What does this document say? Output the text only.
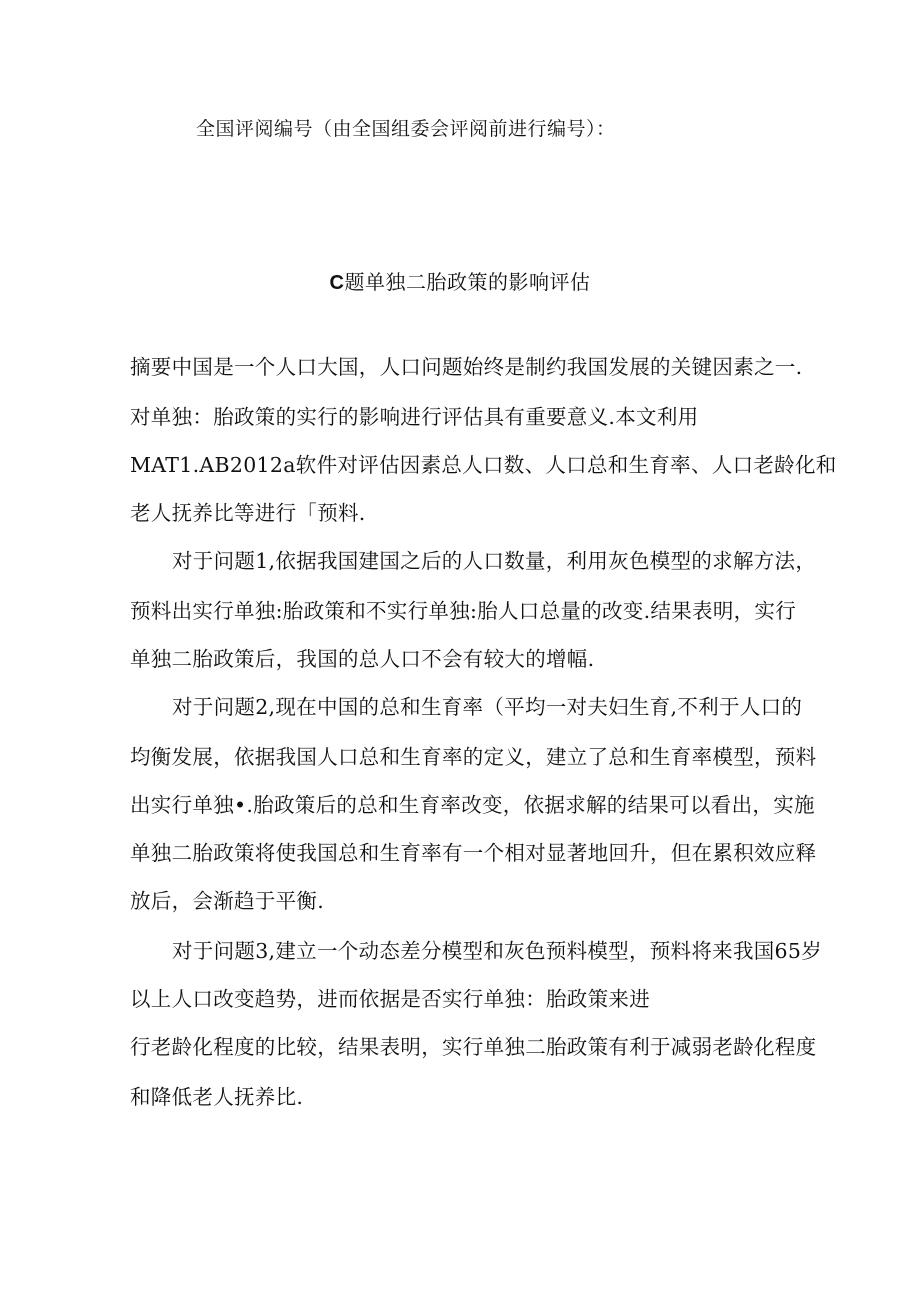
全国评阅编号（由全国组委会评阅前进行编号）：
C题单独二胎政策的影响评估
摘要中国是一个人口大国，人口问题始终是制约我国发展的关键因素之一.
对单独：胎政策的实行的影响进行评估具有重要意义.本文利用
MAT1.AB2012a软件对评估因素总人口数、人口总和生育率、人口老龄化和
老人抚养比等进行「预料.
对于问题1,依据我国建国之后的人口数量，利用灰色模型的求解方法，
预料出实行单独:胎政策和不实行单独:胎人口总量的改变.结果表明，实行
单独二胎政策后，我国的总人口不会有较大的增幅.
对于问题2,现在中国的总和生育率（平均一对夫妇生育,不利于人口的
均衡发展，依据我国人口总和生育率的定义，建立了总和生育率模型，预料
出实行单独•.胎政策后的总和生育率改变，依据求解的结果可以看出，实施
单独二胎政策将使我国总和生育率有一个相对显著地回升，但在累积效应释
放后，会渐趋于平衡.
对于问题3,建立一个动态差分模型和灰色预料模型，预料将来我国65岁
以上人口改变趋势，进而依据是否实行单独：胎政策来进
行老龄化程度的比较，结果表明，实行单独二胎政策有利于减弱老龄化程度
和降低老人抚养比.
